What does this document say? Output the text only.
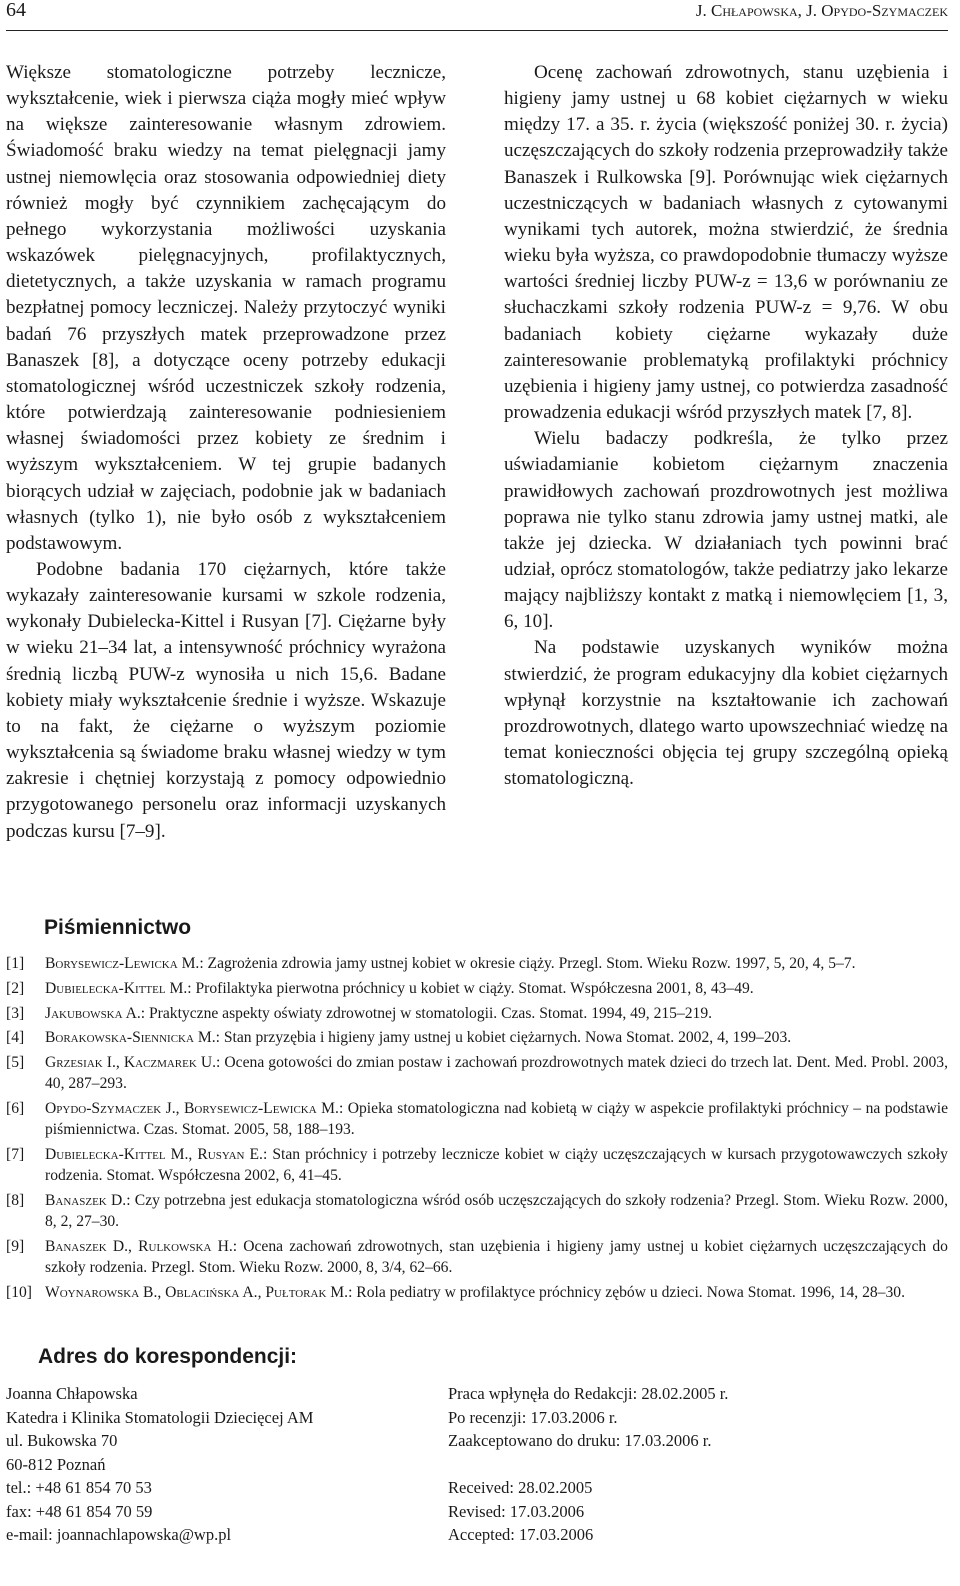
64	J. Chłapowska, J. Opydo-Szymaczek

Większe stomatologiczne potrzeby lecznicze, wykształcenie, wiek i pierwsza ciąża mogły mieć wpływ na większe zainteresowanie własnym zdrowiem. Świadomość braku wiedzy na temat pielęgnacji jamy ustnej niemowlęcia oraz stosowania odpowiedniej diety również mogły być czynnikiem zachęcającym do pełnego wykorzystania możliwości uzyskania wskazówek pielęgnacyjnych, profilaktycznych, dietetycznych, a także uzyskania w ramach programu bezpłatnej pomocy leczniczej. Należy przytoczyć wyniki badań 76 przyszłych matek przeprowadzone przez Banaszek [8], a dotyczące oceny potrzeby edukacji stomatologicznej wśród uczestniczek szkoły rodzenia, które potwierdzają zainteresowanie podniesieniem własnej świadomości przez kobiety ze średnim i wyższym wykształceniem. W tej grupie badanych biorących udział w zajęciach, podobnie jak w badaniach własnych (tylko 1), nie było osób z wykształceniem podstawowym.

Podobne badania 170 ciężarnych, które także wykazały zainteresowanie kursami w szkole rodzenia, wykonały Dubielecka-Kittel i Rusyan [7]. Ciężarne były w wieku 21–34 lat, a intensywność próchnicy wyrażona średnią liczbą PUW-z wynosiła u nich 15,6. Badane kobiety miały wykształcenie średnie i wyższe. Wskazuje to na fakt, że ciężarne o wyższym poziomie wykształcenia są świadome braku własnej wiedzy w tym zakresie i chętniej korzystają z pomocy odpowiednio przygotowanego personelu oraz informacji uzyskanych podczas kursu [7–9].

Ocenę zachowań zdrowotnych, stanu uzębienia i higieny jamy ustnej u 68 kobiet ciężarnych w wieku między 17. a 35. r. życia (większość poniżej 30. r. życia) uczęszczających do szkoły rodzenia przeprowadziły także Banaszek i Rulkowska [9]. Porównując wiek ciężarnych uczestniczących w badaniach własnych z cytowanymi wynikami tych autorek, można stwierdzić, że średnia wieku była wyższa, co prawdopodobnie tłumaczy wyższe wartości średniej liczby PUW-z = 13,6 w porównaniu ze słuchaczkami szkoły rodzenia PUW-z = 9,76. W obu badaniach kobiety ciężarne wykazały duże zainteresowanie problematyką profilaktyki próchnicy uzębienia i higieny jamy ustnej, co potwierdza zasadność prowadzenia edukacji wśród przyszłych matek [7, 8].

Wielu badaczy podkreśla, że tylko przez uświadamianie kobietom ciężarnym znaczenia prawidłowych zachowań prozdrowotnych jest możliwa poprawa nie tylko stanu zdrowia jamy ustnej matki, ale także jej dziecka. W działaniach tych powinni brać udział, oprócz stomatologów, także pediatrzy jako lekarze mający najbliższy kontakt z matką i niemowlęciem [1, 3, 6, 10].

Na podstawie uzyskanych wyników można stwierdzić, że program edukacyjny dla kobiet ciężarnych wpłynął korzystnie na kształtowanie ich zachowań prozdrowotnych, dlatego warto upowszechniać wiedzę na temat konieczności objęcia tej grupy szczególną opieką stomatologiczną.

Piśmiennictwo
[1] Borysewicz-Lewicka M.: Zagrożenia zdrowia jamy ustnej kobiet w okresie ciąży. Przegl. Stom. Wieku Rozw. 1997, 5, 20, 4, 5–7.
[2] Dubielecka-Kittel M.: Profilaktyka pierwotna próchnicy u kobiet w ciąży. Stomat. Współczesna 2001, 8, 43–49.
[3] Jakubowska A.: Praktyczne aspekty oświaty zdrowotnej w stomatologii. Czas. Stomat. 1994, 49, 215–219.
[4] Borakowska-Siennicka M.: Stan przyzębia i higieny jamy ustnej u kobiet ciężarnych. Nowa Stomat. 2002, 4, 199–203.
[5] Grzesiak I., Kaczmarek U.: Ocena gotowości do zmian postaw i zachowań prozdrowotnych matek dzieci do trzech lat. Dent. Med. Probl. 2003, 40, 287–293.
[6] Opydo-Szymaczek J., Borysewicz-Lewicka M.: Opieka stomatologiczna nad kobietą w ciąży w aspekcie profilaktyki próchnicy – na podstawie piśmiennictwa. Czas. Stomat. 2005, 58, 188–193.
[7] Dubielecka-Kittel M., Rusyan E.: Stan próchnicy i potrzeby lecznicze kobiet w ciąży uczęszczających w kursach przygotowawczych szkoły rodzenia. Stomat. Współczesna 2002, 6, 41–45.
[8] Banaszek D.: Czy potrzebna jest edukacja stomatologiczna wśród osób uczęszczających do szkoły rodzenia? Przegl. Stom. Wieku Rozw. 2000, 8, 2, 27–30.
[9] Banaszek D., Rulkowska H.: Ocena zachowań zdrowotnych, stan uzębienia i higieny jamy ustnej u kobiet ciężarnych uczęszczających do szkoły rodzenia. Przegl. Stom. Wieku Rozw. 2000, 8, 3/4, 62–66.
[10] Woynarowska B., Oblacińska A., Pułtorak M.: Rola pediatry w profilaktyce próchnicy zębów u dzieci. Nowa Stomat. 1996, 14, 28–30.
Adres do korespondencji:
Joanna Chłapowska
Katedra i Klinika Stomatologii Dziecięcej AM
ul. Bukowska 70
60-812 Poznań
tel.: +48 61 854 70 53
fax: +48 61 854 70 59
e-mail: joannachlapowska@wp.pl
Praca wpłynęła do Redakcji: 28.02.2005 r.
Po recenzji: 17.03.2006 r.
Zaakceptowano do druku: 17.03.2006 r.
Received: 28.02.2005
Revised: 17.03.2006
Accepted: 17.03.2006
